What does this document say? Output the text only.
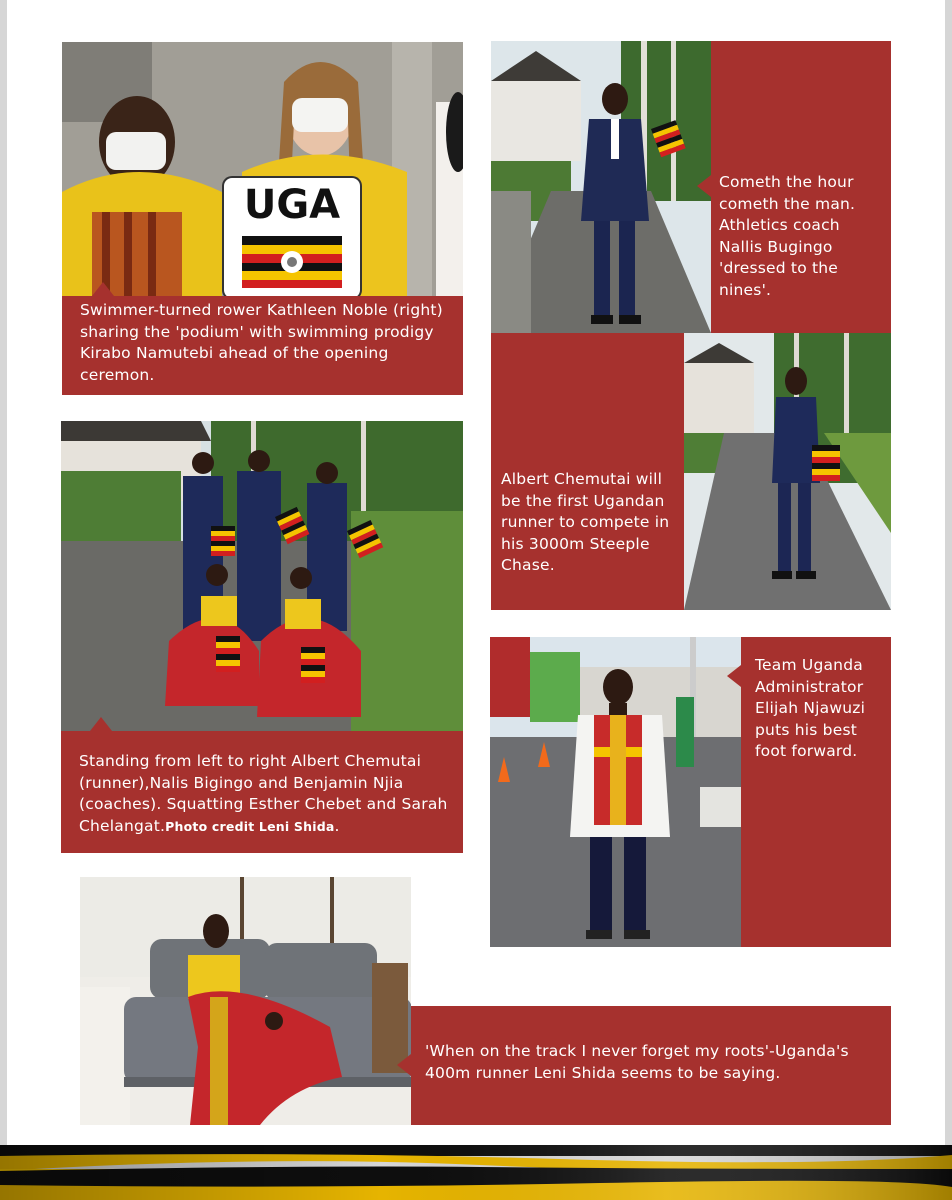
UGA
Swimmer-turned rower Kathleen Noble (right) sharing the 'podium' with swimming prodigy Kirabo Namutebi ahead of the opening ceremon.
Cometh the hour cometh the man. Athletics coach Nallis Bugingo 'dressed to the nines'.
Albert Chemutai will be the first Ugandan runner to compete in his 3000m Steeple Chase.
Standing from left to right Albert Chemutai (runner),Nalis Bigingo and Benjamin Njia (coaches). Squatting Esther Chebet and Sarah Chelangat.Photo credit Leni Shida.
Team Uganda Administrator Elijah Njawuzi puts his best foot forward.
'When on the track I never forget my roots'-Uganda's 400m runner Leni Shida seems to be saying.
